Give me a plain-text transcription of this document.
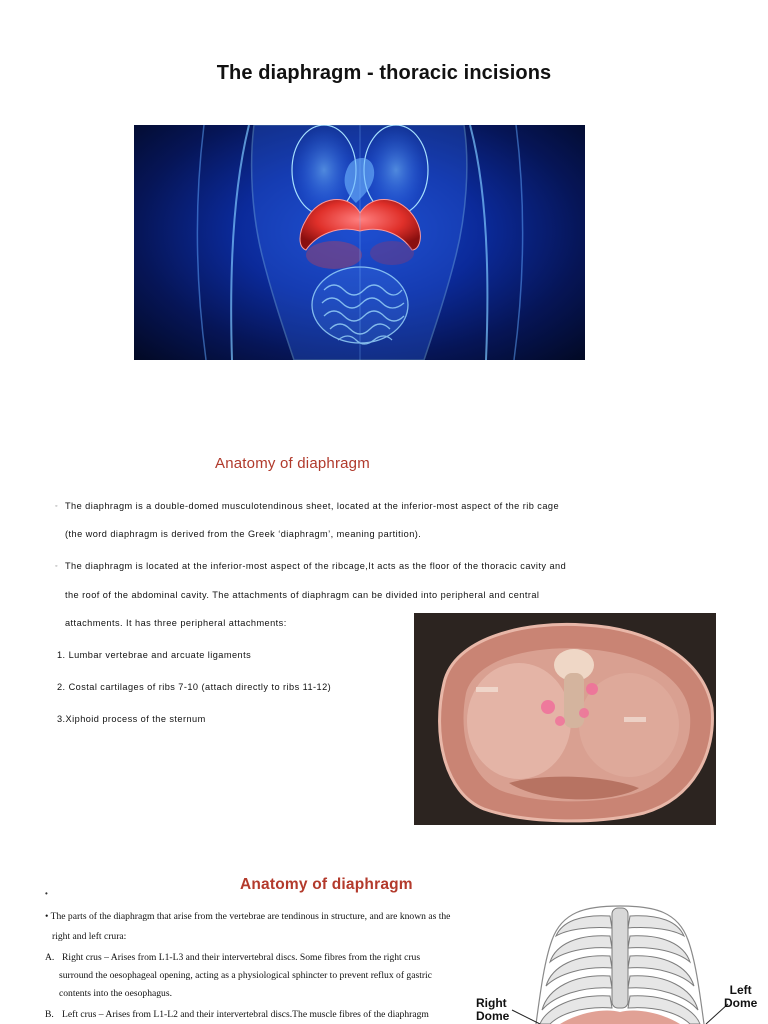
The diaphragm - thoracic incisions
Anatomy of diaphragm
◦ The diaphragm is a double-domed musculotendinous sheet, located at the inferior-most aspect of the rib cage
(the word diaphragm is derived from the Greek ‘diaphragm’, meaning partition).
◦ The diaphragm is located at the inferior-most aspect of the ribcage,It acts as the floor of the thoracic cavity and
the roof of the abdominal cavity. The attachments of diaphragm can be divided into peripheral and central
attachments. It has three peripheral attachments:
1. Lumbar vertebrae and arcuate ligaments
2. Costal cartilages of ribs 7-10 (attach directly to ribs 11-12)
3.Xiphoid process of the sternum
•
Anatomy of diaphragm
• The parts of the diaphragm that arise from the vertebrae are tendinous in structure, and are known as the
right and left crura:
A. Right crus – Arises from L1-L3 and their intervertebral discs. Some fibres from the right crus
surround the oesophageal opening, acting as a physiological sphincter to prevent reflux of gastric
contents into the oesophagus.
B. Left crus – Arises from L1-L2 and their intervertebral discs.The muscle fibres of the diaphragm
Right
Dome
Left
Dome
